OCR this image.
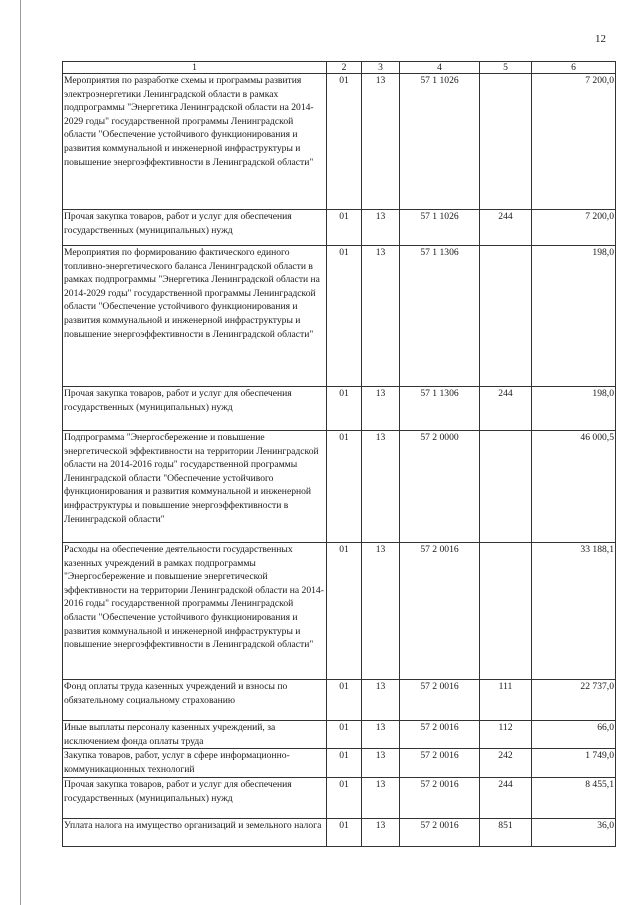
12
1	2	3	4	5	6
Мероприятия по разработке схемы и программы развития электроэнергетики Ленинградской области в рамках подпрограммы "Энергетика Ленинградской области на 2014-2029 годы" государственной программы Ленинградской области "Обеспечение устойчивого функционирования и развития коммунальной и инженерной инфраструктуры и повышение энергоэффективности в Ленинградской области"	01	13	57 1 1026		7 200,0
Прочая закупка товаров, работ и услуг для обеспечения государственных (муниципальных) нужд	01	13	57 1 1026	244	7 200,0
Мероприятия по формированию фактического единого топливно-энергетического баланса Ленинградской области в рамках подпрограммы "Энергетика Ленинградской области на 2014-2029 годы" государственной программы Ленинградской области "Обеспечение устойчивого функционирования и развития коммунальной и инженерной инфраструктуры и повышение энергоэффективности в Ленинградской области"	01	13	57 1 1306		198,0
Прочая закупка товаров, работ и услуг для обеспечения государственных (муниципальных) нужд	01	13	57 1 1306	244	198,0
Подпрограмма "Энергосбережение и повышение энергетической эффективности на территории Ленинградской области на 2014-2016 годы" государственной программы Ленинградской области "Обеспечение устойчивого функционирования и развития коммунальной и инженерной инфраструктуры и повышение энергоэффективности в Ленинградской области"	01	13	57 2 0000		46 000,5
Расходы на обеспечение деятельности государственных казенных учреждений в рамках подпрограммы "Энергосбережение и повышение энергетической эффективности на территории Ленинградской области на 2014-2016 годы" государственной программы Ленинградской области "Обеспечение устойчивого функционирования и развития коммунальной и инженерной инфраструктуры и повышение энергоэффективности в Ленинградской области"	01	13	57 2 0016		33 188,1
Фонд оплаты труда казенных учреждений и взносы по обязательному социальному страхованию	01	13	57 2 0016	111	22 737,0
Иные выплаты персоналу казенных учреждений, за исключением фонда оплаты труда	01	13	57 2 0016	112	66,0
Закупка товаров, работ, услуг в сфере информационно-коммуникационных технологий	01	13	57 2 0016	242	1 749,0
Прочая закупка товаров, работ и услуг для обеспечения государственных (муниципальных) нужд	01	13	57 2 0016	244	8 455,1
Уплата налога на имущество организаций и земельного налога	01	13	57 2 0016	851	36,0
